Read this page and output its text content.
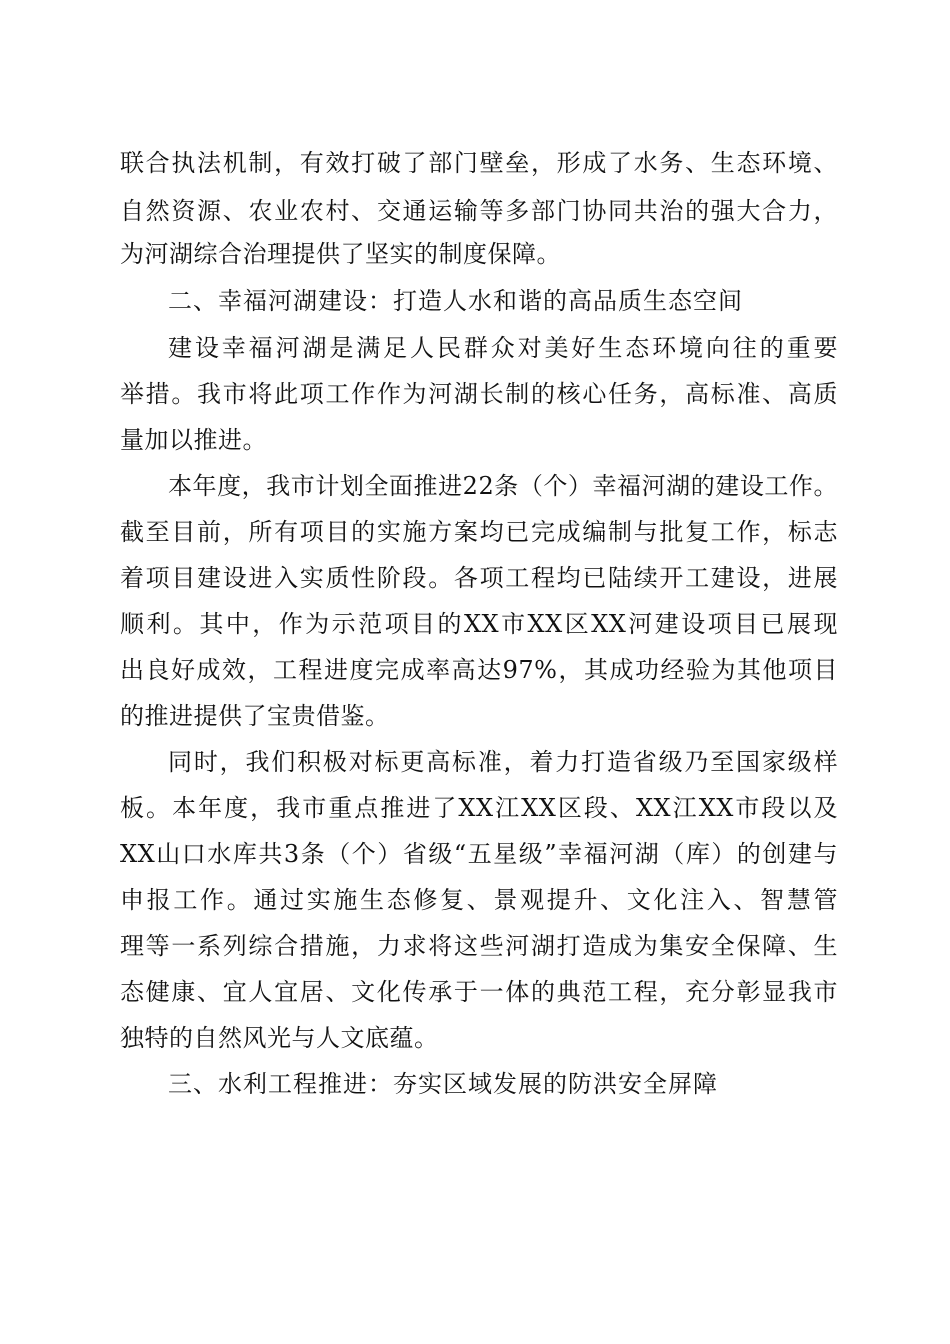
联合执法机制，有效打破了部门壁垒，形成了水务、生态环境、
自然资源、农业农村、交通运输等多部门协同共治的强大合力，
为河湖综合治理提供了坚实的制度保障。
二、幸福河湖建设：打造人水和谐的高品质生态空间
建设幸福河湖是满足人民群众对美好生态环境向往的重要
举措。我市将此项工作作为河湖长制的核心任务，高标准、高质
量加以推进。
本年度，我市计划全面推进22条（个）幸福河湖的建设工作。
截至目前，所有项目的实施方案均已完成编制与批复工作，标志
着项目建设进入实质性阶段。各项工程均已陆续开工建设，进展
顺利。其中，作为示范项目的XX市XX区XX河建设项目已展现
出良好成效，工程进度完成率高达97%，其成功经验为其他项目
的推进提供了宝贵借鉴。
同时，我们积极对标更高标准，着力打造省级乃至国家级样
板。本年度，我市重点推进了XX江XX区段、XX江XX市段以及
XX山口水库共3条（个）省级“五星级”幸福河湖（库）的创建与
申报工作。通过实施生态修复、景观提升、文化注入、智慧管
理等一系列综合措施，力求将这些河湖打造成为集安全保障、生
态健康、宜人宜居、文化传承于一体的典范工程，充分彰显我市
独特的自然风光与人文底蕴。
三、水利工程推进：夯实区域发展的防洪安全屏障
